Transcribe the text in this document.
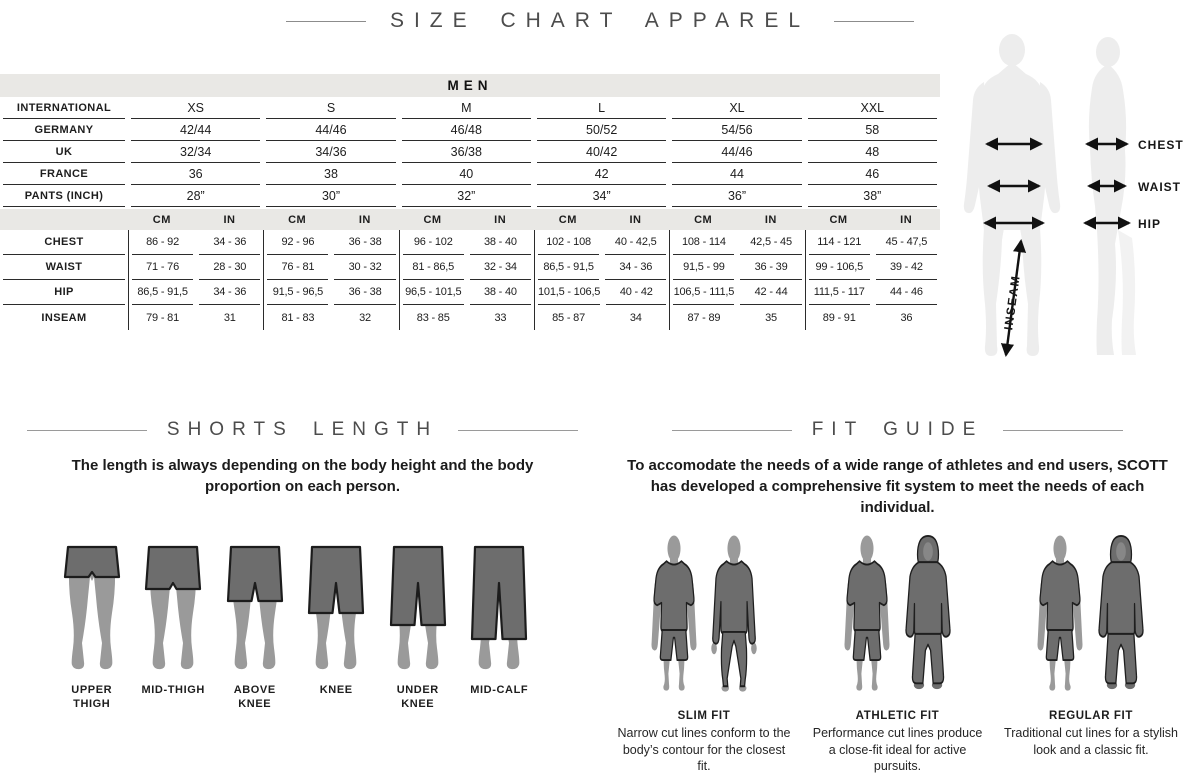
SIZE CHART APPAREL
MEN
INTERNATIONAL	XS	S	M	L	XL	XXL
GERMANY	42/44	44/46	46/48	50/52	54/56	58
UK	32/34	34/36	36/38	40/42	44/46	48
FRANCE	36	38	40	42	44	46
PANTS (INCH)	28”	30”	32”	34”	36”	38”
CM	IN	CM	IN	CM	IN	CM	IN	CM	IN	CM	IN
CHEST	86 - 92	34 - 36	92 - 96	36 - 38	96 - 102	38 - 40	102 - 108	40 - 42,5	108 - 114	42,5 - 45	114 - 121	45 - 47,5
WAIST	71 - 76	28 - 30	76 - 81	30 - 32	81 - 86,5	32 - 34	86,5 - 91,5	34 - 36	91,5 - 99	36 - 39	99 - 106,5	39 - 42
HIP	86,5 - 91,5	34 - 36	91,5 - 96,5	36 - 38	96,5 - 101,5	38 - 40	101,5 - 106,5	40 - 42	106,5 - 111,5	42 - 44	111,5 - 117	44 - 46
INSEAM	79 - 81	31	81 - 83	32	83 - 85	33	85 - 87	34	87 - 89	35	89 - 91	36
CHEST
WAIST
HIP
INSEAM
SHORTS LENGTH
The length is always depending on the body height and the body proportion on each person.
UPPER THIGH
MID-THIGH	ABOVE KNEE
KNEE	UNDER KNEE
MID-CALF
FIT GUIDE
To accomodate the needs of a wide range of athletes and end users, SCOTT has developed a comprehensive fit system to meet the needs of each individual.
SLIM FIT
Narrow cut lines conform to the body’s contour for the closest fit.
ATHLETIC FIT
Performance cut lines produce a close-fit ideal for active pursuits.
REGULAR FIT
Traditional cut lines for a stylish look and a classic fit.
